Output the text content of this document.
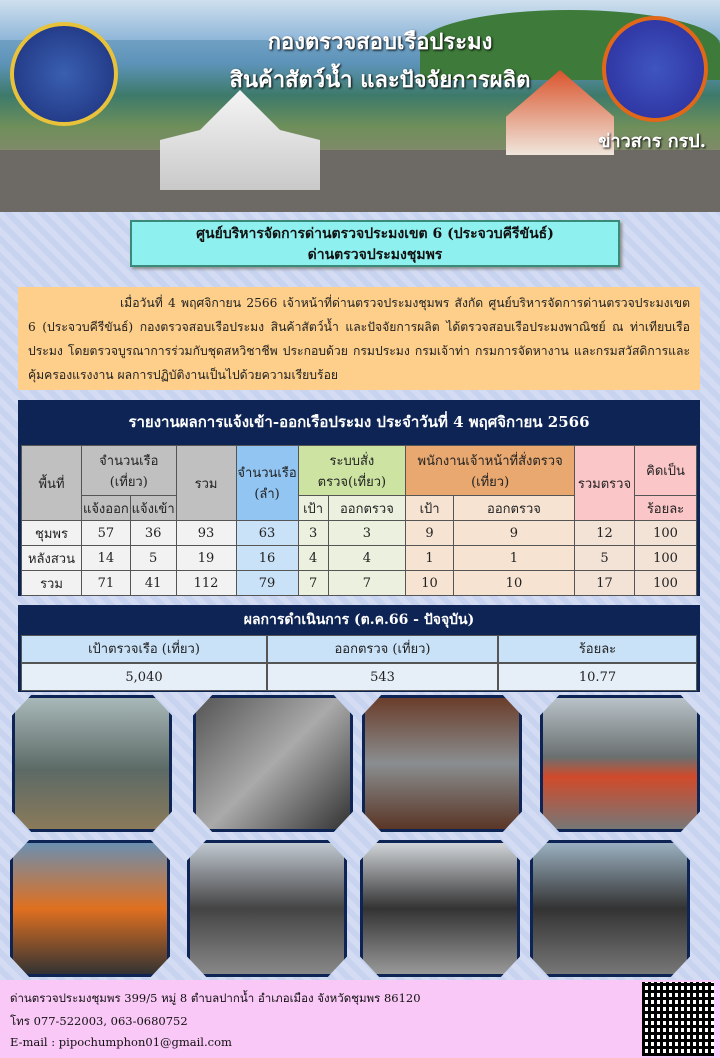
กองตรวจสอบเรือประมง
สินค้าสัตว์น้ำ และปัจจัยการผลิต
ข่าวสาร กรป.
ศูนย์บริหารจัดการด่านตรวจประมงเขต 6 (ประจวบคีรีขันธ์)
ด่านตรวจประมงชุมพร
เมื่อวันที่ 4 พฤศจิกายน 2566 เจ้าหน้าที่ด่านตรวจประมงชุมพร สังกัด ศูนย์บริหารจัดการด่านตรวจประมงเขต 6 (ประจวบคีรีขันธ์) กองตรวจสอบเรือประมง สินค้าสัตว์น้ำ และปัจจัยการผลิต ได้ตรวจสอบเรือประมงพาณิชย์ ณ ท่าเทียบเรือประมง โดยตรวจบูรณาการร่วมกับชุดสหวิชาชีพ ประกอบด้วย กรมประมง กรมเจ้าท่า กรมการจัดหางาน และกรมสวัสดิการและคุ้มครองแรงงาน ผลการปฏิบัติงานเป็นไปด้วยความเรียบร้อย
รายงานผลการแจ้งเข้า-ออกเรือประมง ประจำวันที่ 4 พฤศจิกายน 2566
พื้นที่	จำนวนเรือ (เที่ยว)		รวม	จำนวนเรือ (ลำ)	ระบบสั่งตรวจ(เที่ยว)		พนักงานเจ้าหน้าที่สั่งตรวจ (เที่ยว)		รวมตรวจ	คิดเป็น
	แจ้งออก	แจ้งเข้า			เป้า	ออกตรวจ	เป้า	ออกตรวจ		ร้อยละ
ชุมพร	57	36	93	63	3	3	9	9	12	100
หลังสวน	14	5	19	16	4	4	1	1	5	100
รวม	71	41	112	79	7	7	10	10	17	100
ผลการดำเนินการ (ต.ค.66 - ปัจจุบัน)
เป้าตรวจเรือ (เที่ยว)	ออกตรวจ (เที่ยว)	ร้อยละ
5,040	543	10.77
ด่านตรวจประมงชุมพร 399/5 หมู่ 8 ตำบลปากน้ำ อำเภอเมือง จังหวัดชุมพร 86120
โทร 077-522003, 063-0680752
E-mail : pipochumphon01@gmail.com
